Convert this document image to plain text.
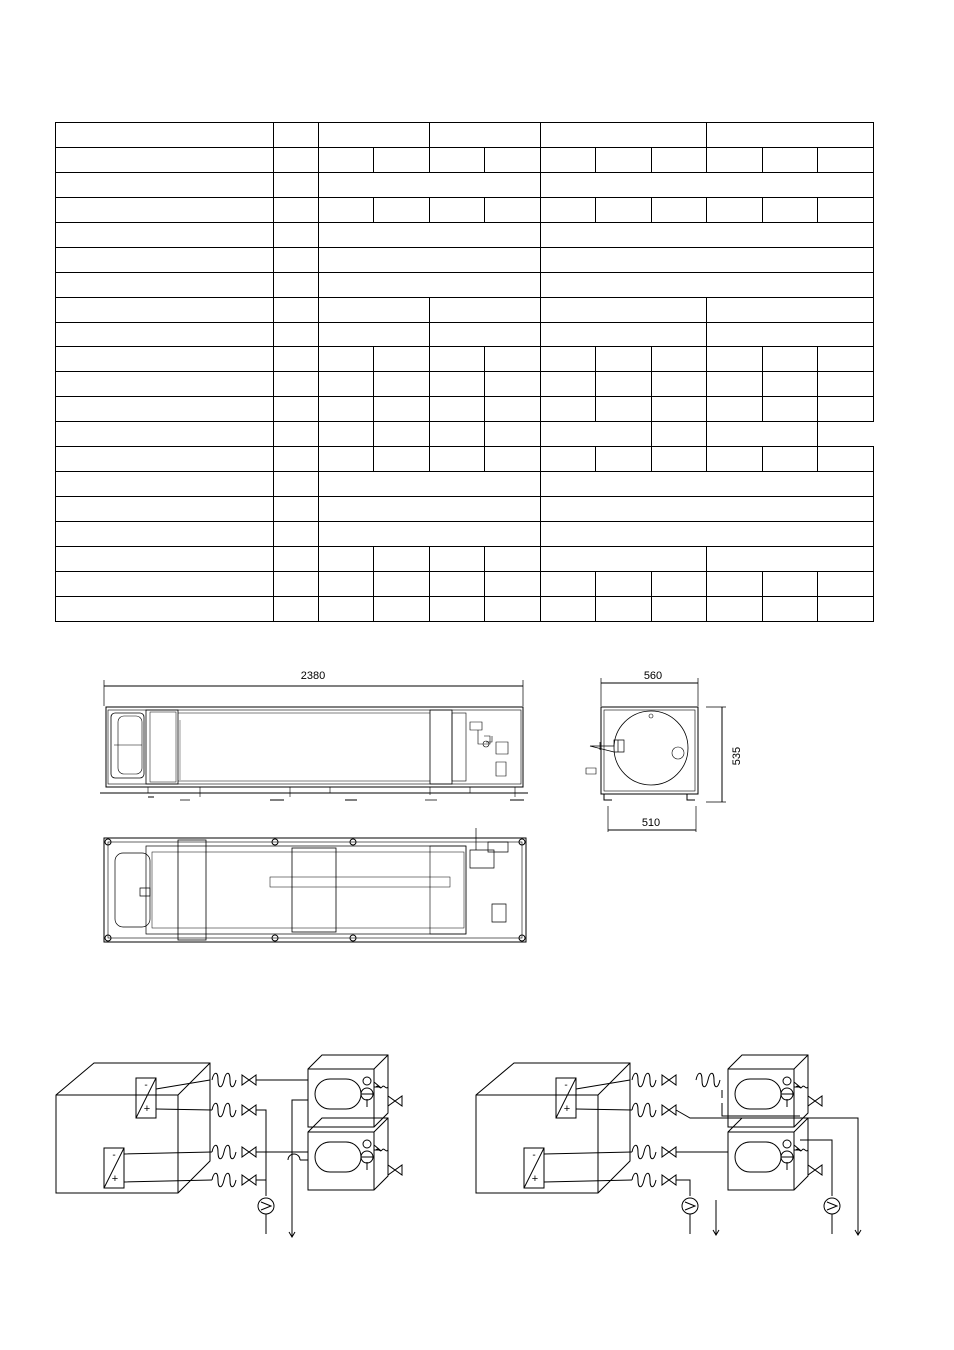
2380	560
535
510
-
+
-
+
-
+
-
+
